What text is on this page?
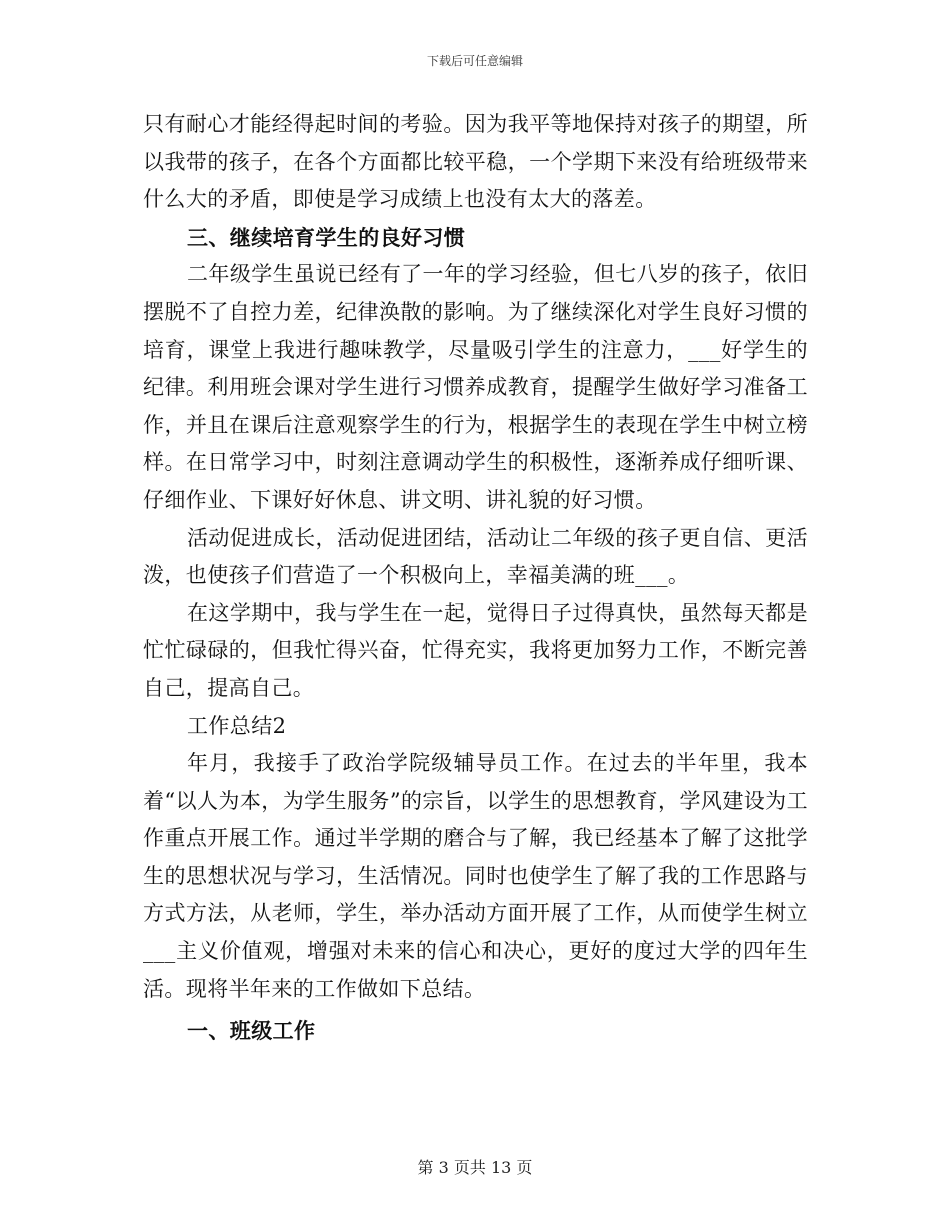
下载后可任意编辑

只有耐心才能经得起时间的考验。因为我平等地保持对孩子的期望，所以我带的孩子，在各个方面都比较平稳，一个学期下来没有给班级带来什么大的矛盾，即使是学习成绩上也没有太大的落差。

三、继续培育学生的良好习惯

二年级学生虽说已经有了一年的学习经验，但七八岁的孩子，依旧摆脱不了自控力差，纪律涣散的影响。为了继续深化对学生良好习惯的培育，课堂上我进行趣味教学，尽量吸引学生的注意力，___好学生的纪律。利用班会课对学生进行习惯养成教育，提醒学生做好学习准备工作，并且在课后注意观察学生的行为，根据学生的表现在学生中树立榜样。在日常学习中，时刻注意调动学生的积极性，逐渐养成仔细听课、仔细作业、下课好好休息、讲文明、讲礼貌的好习惯。

活动促进成长，活动促进团结，活动让二年级的孩子更自信、更活泼，也使孩子们营造了一个积极向上，幸福美满的班___。

在这学期中，我与学生在一起，觉得日子过得真快，虽然每天都是忙忙碌碌的，但我忙得兴奋，忙得充实，我将更加努力工作，不断完善自己，提高自己。

工作总结2

年月，我接手了政治学院级辅导员工作。在过去的半年里，我本着“以人为本，为学生服务”的宗旨，以学生的思想教育，学风建设为工作重点开展工作。通过半学期的磨合与了解，我已经基本了解了这批学生的思想状况与学习，生活情况。同时也使学生了解了我的工作思路与方式方法，从老师，学生，举办活动方面开展了工作，从而使学生树立___主义价值观，增强对未来的信心和决心，更好的度过大学的四年生活。现将半年来的工作做如下总结。

一、班级工作

第 3 页共 13 页
